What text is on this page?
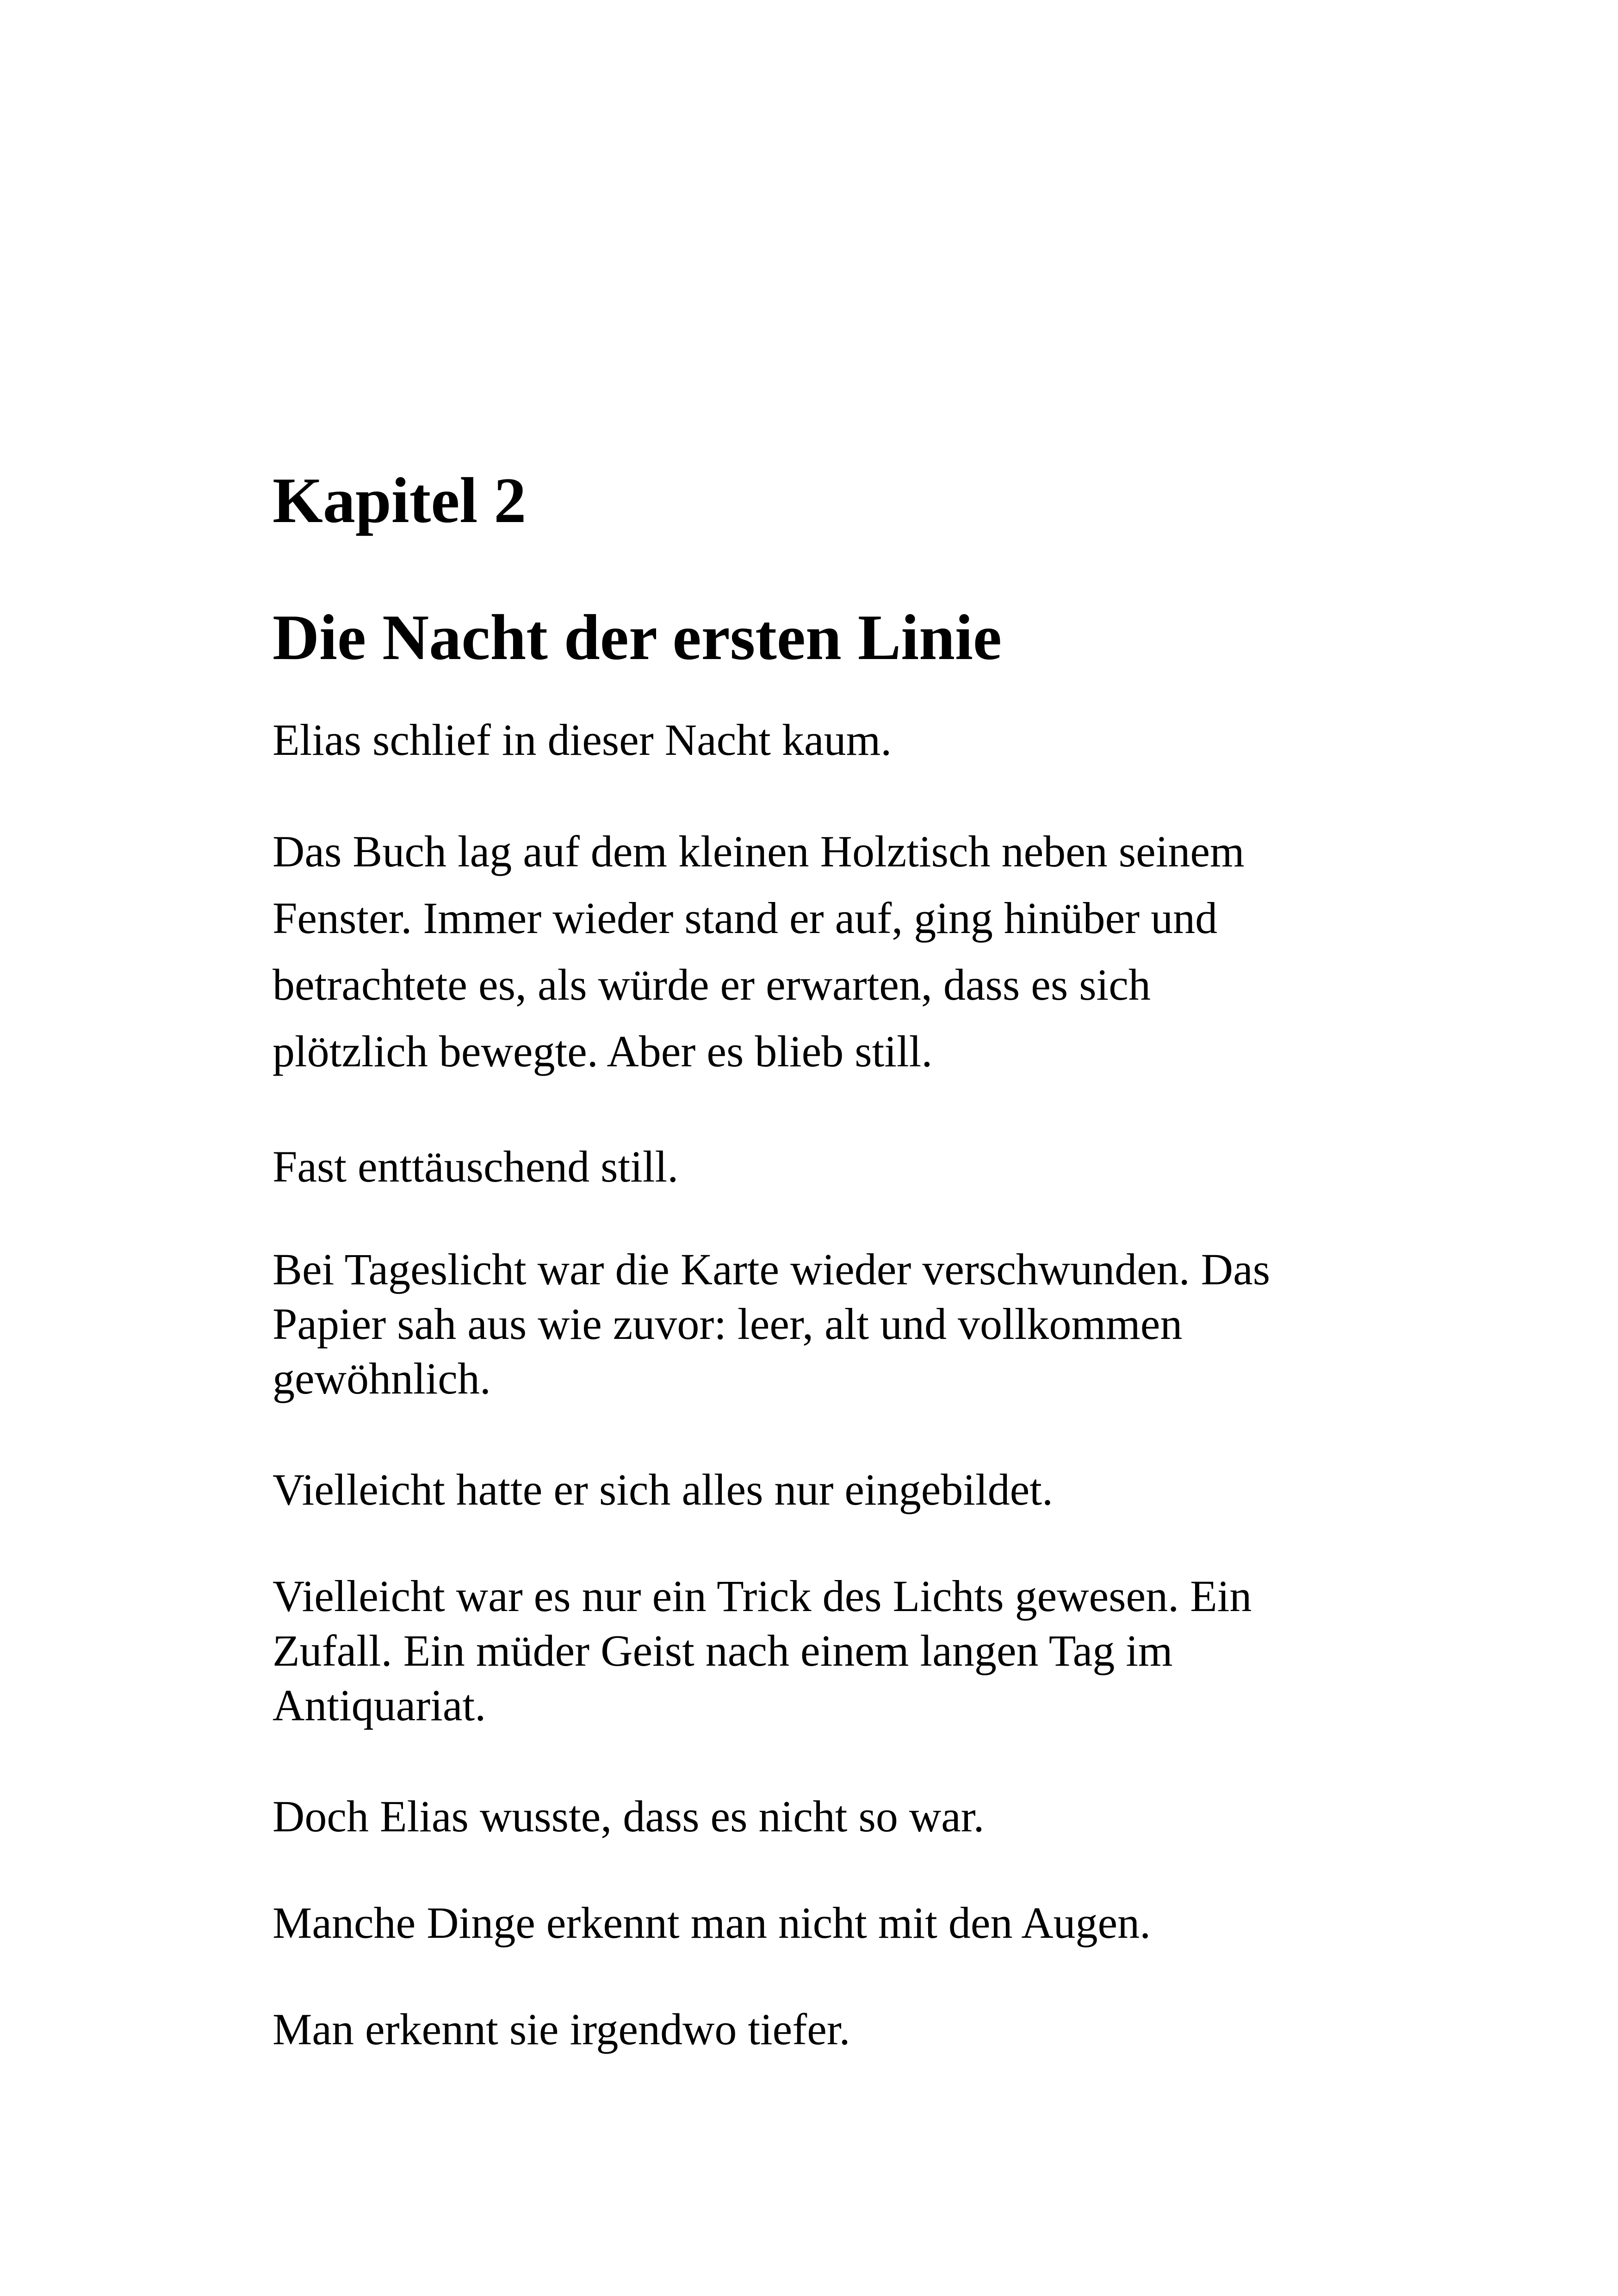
Kapitel 2
Die Nacht der ersten Linie

Elias schlief in dieser Nacht kaum.

Das Buch lag auf dem kleinen Holztisch neben seinem
Fenster. Immer wieder stand er auf, ging hinüber und
betrachtete es, als würde er erwarten, dass es sich
plötzlich bewegte. Aber es blieb still.

Fast enttäuschend still.

Bei Tageslicht war die Karte wieder verschwunden. Das
Papier sah aus wie zuvor: leer, alt und vollkommen
gewöhnlich.

Vielleicht hatte er sich alles nur eingebildet.

Vielleicht war es nur ein Trick des Lichts gewesen. Ein
Zufall. Ein müder Geist nach einem langen Tag im
Antiquariat.

Doch Elias wusste, dass es nicht so war.

Manche Dinge erkennt man nicht mit den Augen.

Man erkennt sie irgendwo tiefer.
